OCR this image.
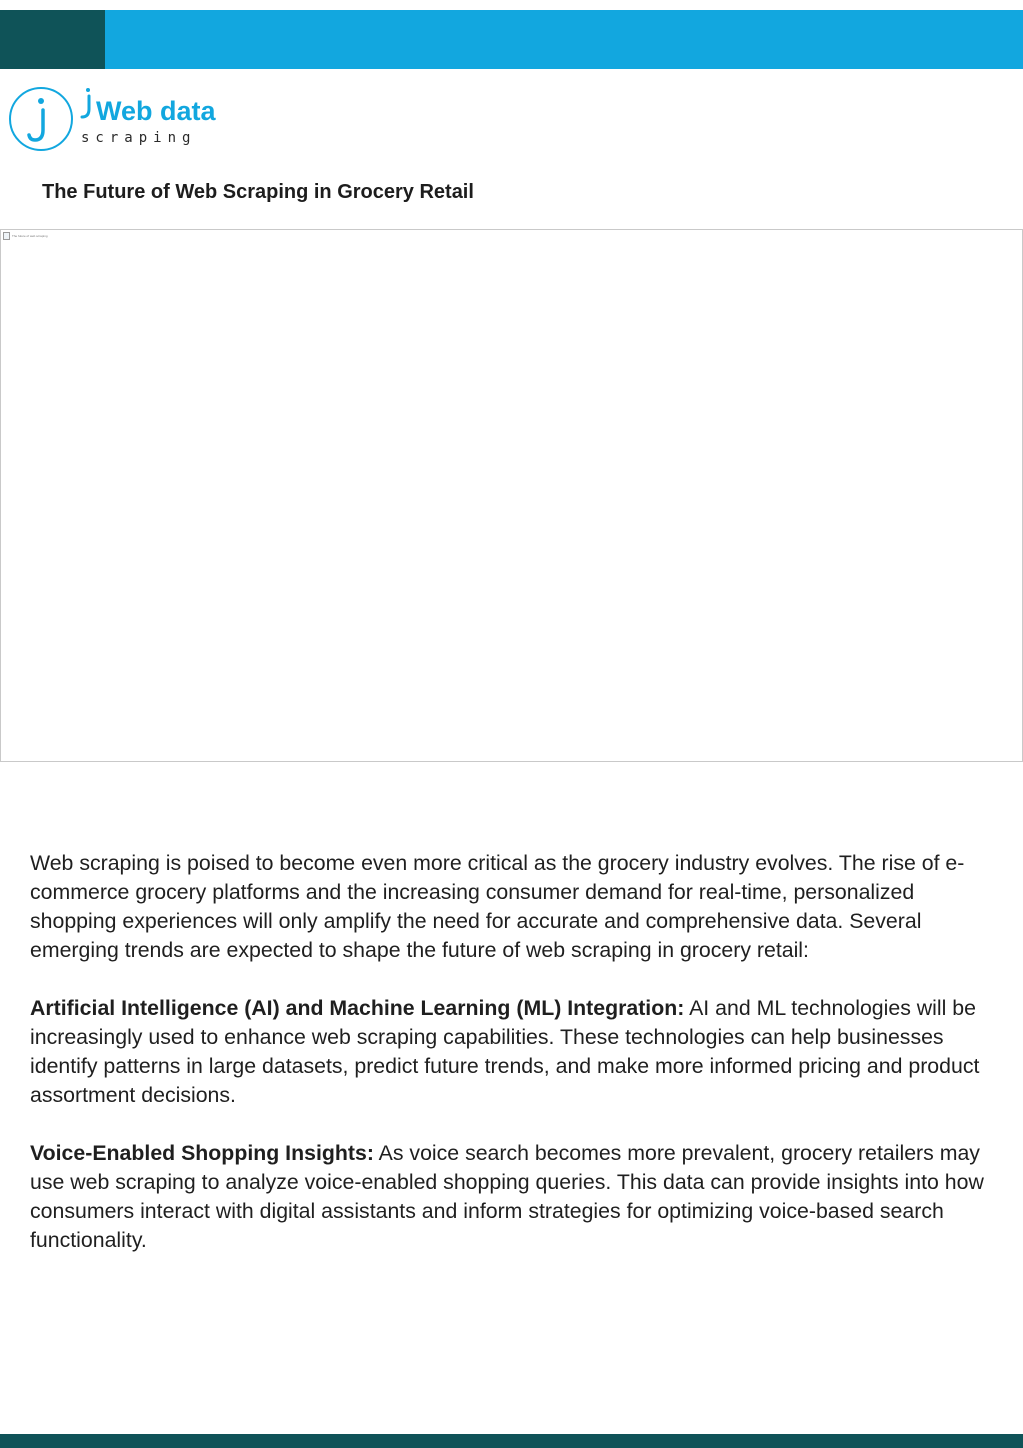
Web data
scraping
The Future of Web Scraping in Grocery Retail
The future of web scraping

Web scraping is poised to become even more critical as the grocery industry evolves. The rise of e-commerce grocery platforms and the increasing consumer demand for real-time, personalized shopping experiences will only amplify the need for accurate and comprehensive data. Several emerging trends are expected to shape the future of web scraping in grocery retail:

Artificial Intelligence (AI) and Machine Learning (ML) Integration: AI and ML technologies will be increasingly used to enhance web scraping capabilities. These technologies can help businesses identify patterns in large datasets, predict future trends, and make more informed pricing and product assortment decisions.

Voice-Enabled Shopping Insights: As voice search becomes more prevalent, grocery retailers may use web scraping to analyze voice-enabled shopping queries. This data can provide insights into how consumers interact with digital assistants and inform strategies for optimizing voice-based search functionality.
